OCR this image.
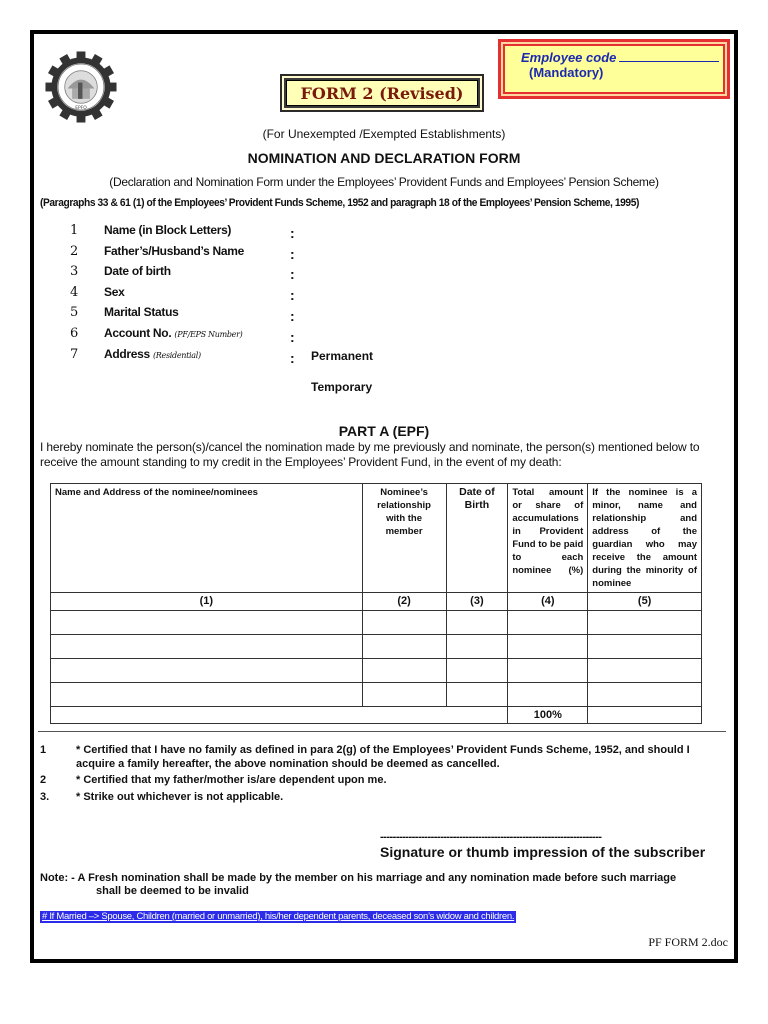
EPFO
FORM 2 (Revised)
Employee code
(Mandatory)
(For Unexempted /Exempted Establishments)
NOMINATION AND DECLARATION FORM
(Declaration and Nomination Form under the Employees’ Provident Funds and Employees’ Pension Scheme)
(Paragraphs 33 & 61 (1) of the Employees’ Provident Funds Scheme, 1952 and paragraph 18 of the Employees’ Pension Scheme, 1995)
1	Name (in Block Letters)	:
2	Father’s/Husband’s Name	:
3	Date of birth	:
4	Sex	:
5	Marital Status	:
6	Account No. (PF/EPS Number)	:
7	Address (Residential)	: Permanent
Temporary
PART A (EPF)
I hereby nominate the person(s)/cancel the nomination made by me previously and nominate, the person(s) mentioned below to receive the amount standing to my credit in the Employees’ Provident Fund, in the event of my death:
Name and Address of the nominee/nominees	Nominee’s relationship with the member	Date of Birth	Total amount or share of accumulations in Provident Fund to be paid to each nominee (%)	If the nominee is a minor, name and relationship and address of the guardian who may receive the amount during the minority of nominee
(1)	(2)	(3)	(4)	(5)

			100%	
1	* Certified that I have no family as defined in para 2(g) of the Employees’ Provident Funds Scheme, 1952, and should I acquire a family hereafter, the above nomination should be deemed as cancelled.
2	* Certified that my father/mother is/are dependent upon me.
3.	* Strike out whichever is not applicable.
----------------------------------------------------------------------
Signature or thumb impression of the subscriber
Note: - A Fresh nomination shall be made by the member on his marriage and any nomination made before such marriage
shall be deemed to be invalid
# If Married –> Spouse, Children (married or unmarried), his/her dependent parents, deceased son’s widow and children.
PF FORM 2.doc
